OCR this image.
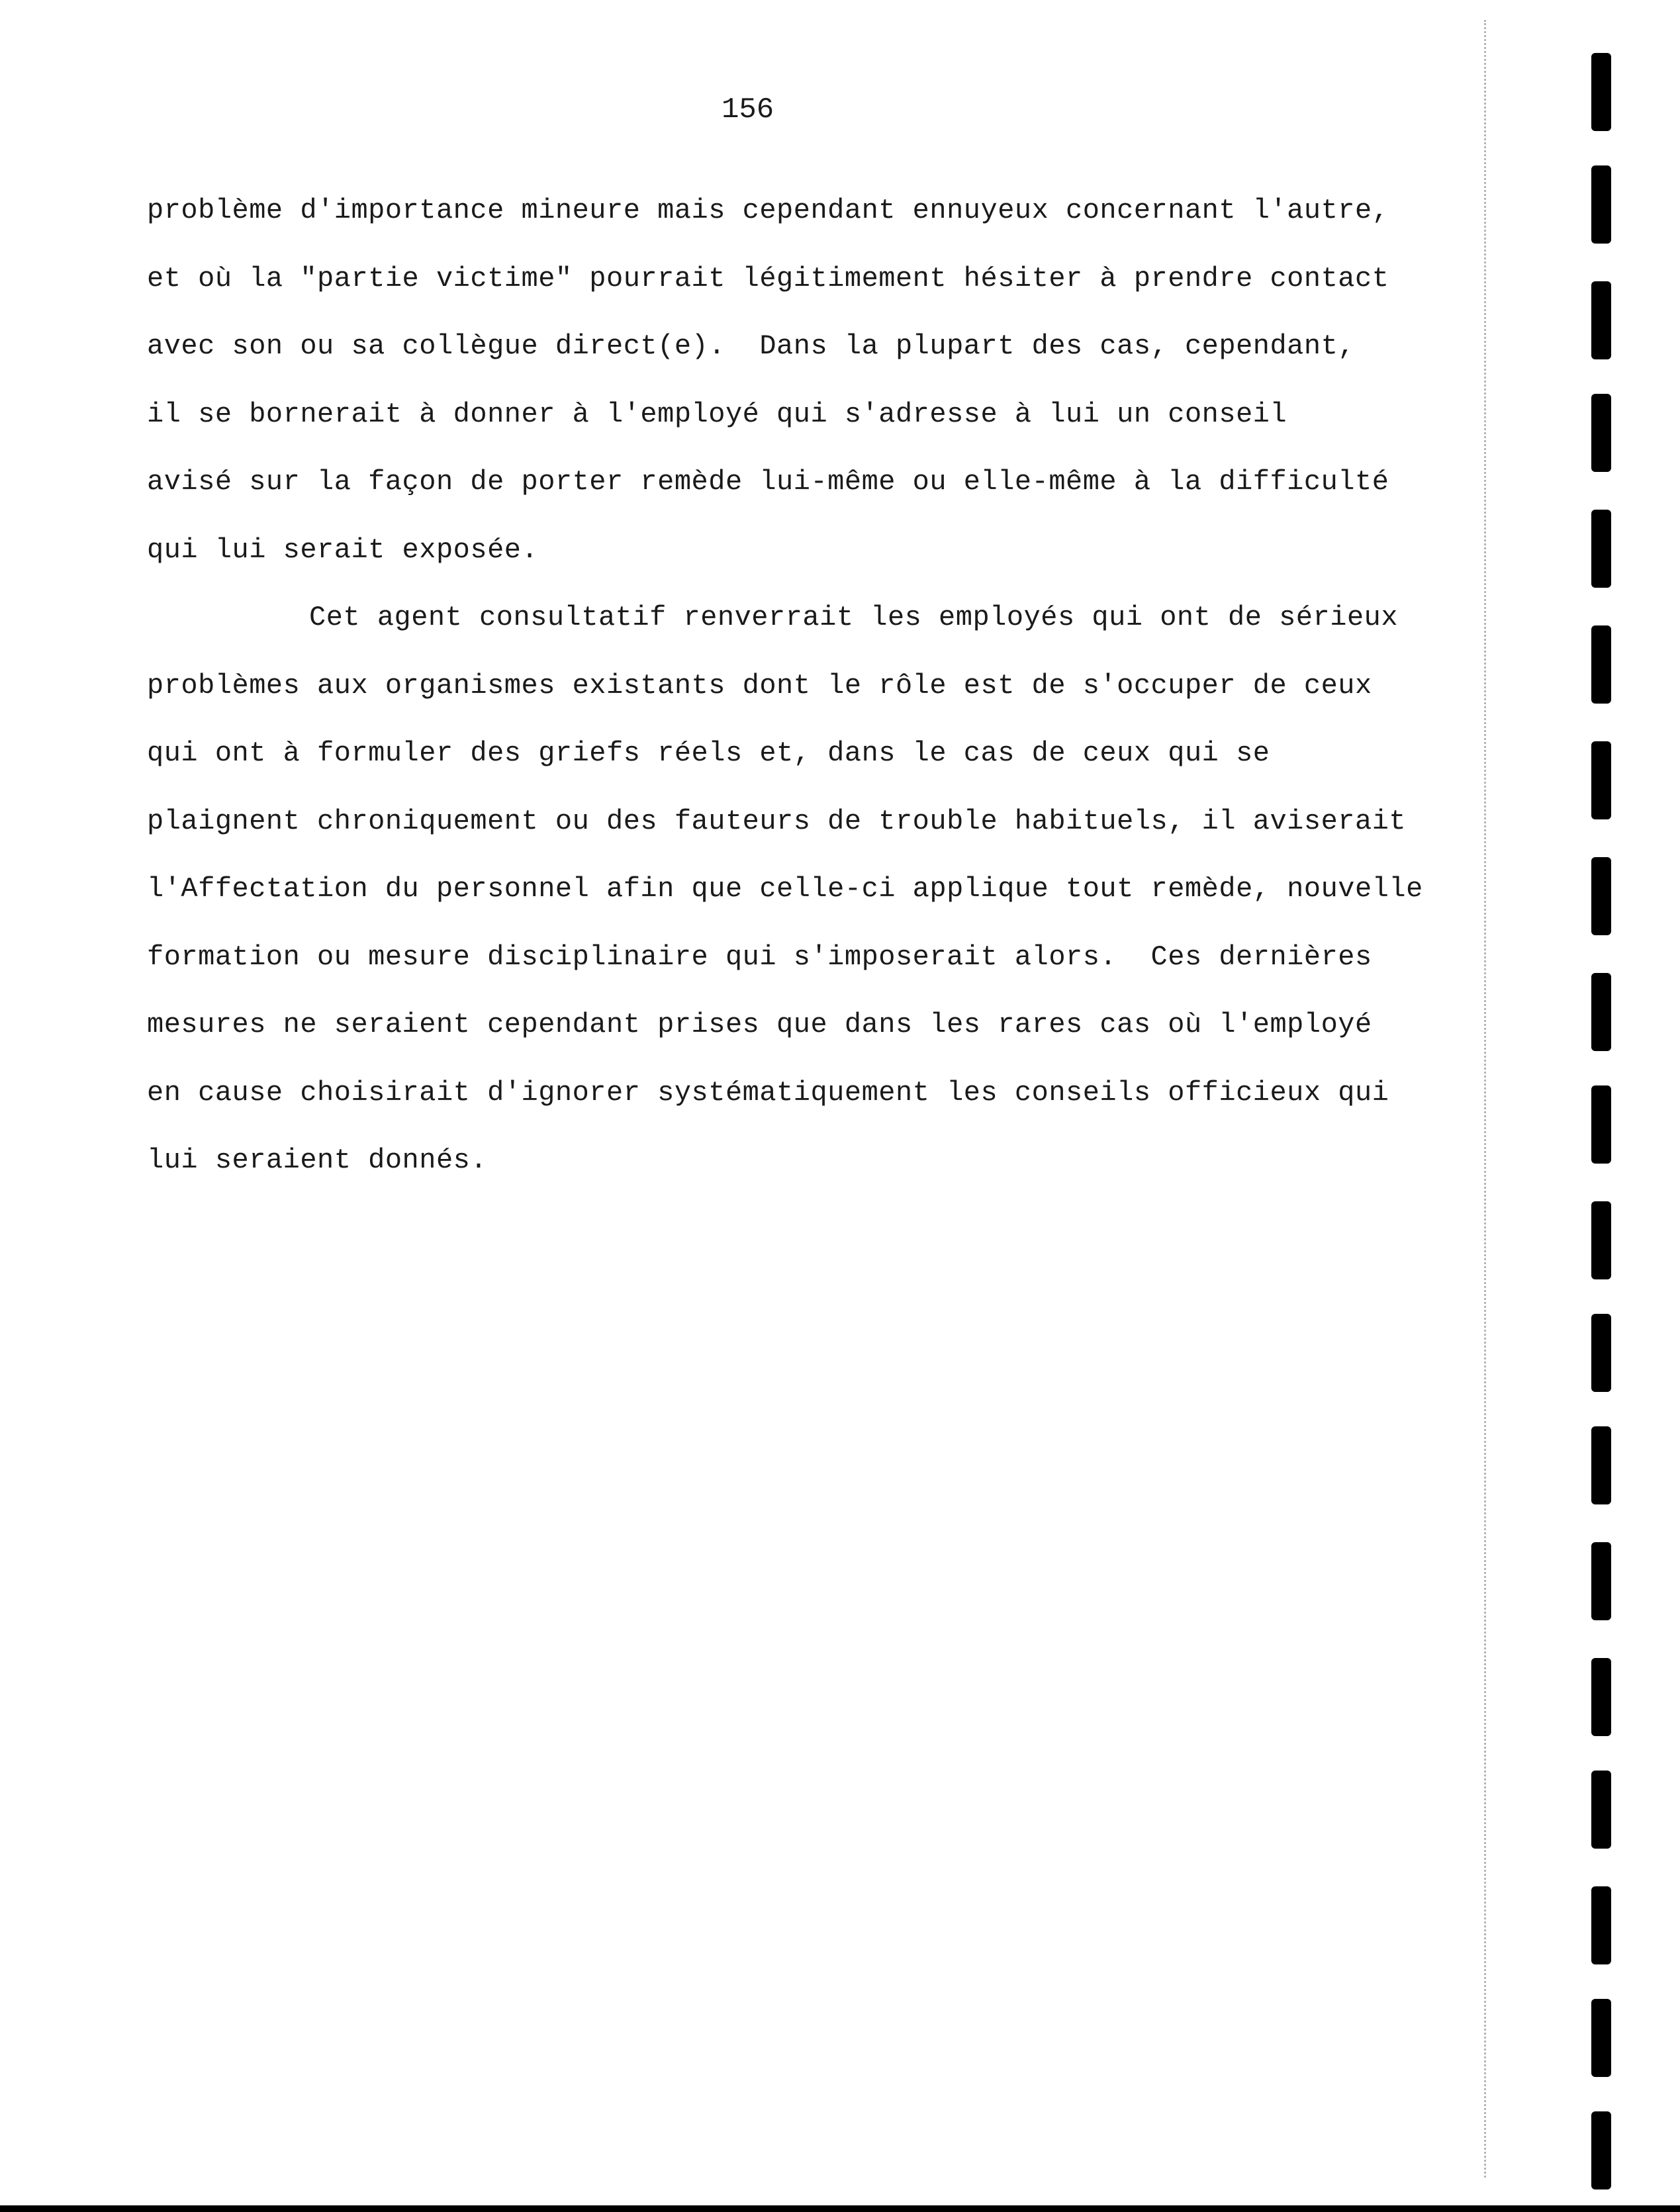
156
problème d'importance mineure mais cependant ennuyeux concernant l'autre,
et où la "partie victime" pourrait légitimement hésiter à prendre contact
avec son ou sa collègue direct(e).  Dans la plupart des cas, cependant,
il se bornerait à donner à l'employé qui s'adresse à lui un conseil
avisé sur la façon de porter remède lui-même ou elle-même à la difficulté
qui lui serait exposée.
Cet agent consultatif renverrait les employés qui ont de sérieux
problèmes aux organismes existants dont le rôle est de s'occuper de ceux
qui ont à formuler des griefs réels et, dans le cas de ceux qui se
plaignent chroniquement ou des fauteurs de trouble habituels, il aviserait
l'Affectation du personnel afin que celle-ci applique tout remède, nouvelle
formation ou mesure disciplinaire qui s'imposerait alors.  Ces dernières
mesures ne seraient cependant prises que dans les rares cas où l'employé
en cause choisirait d'ignorer systématiquement les conseils officieux qui
lui seraient donnés.
